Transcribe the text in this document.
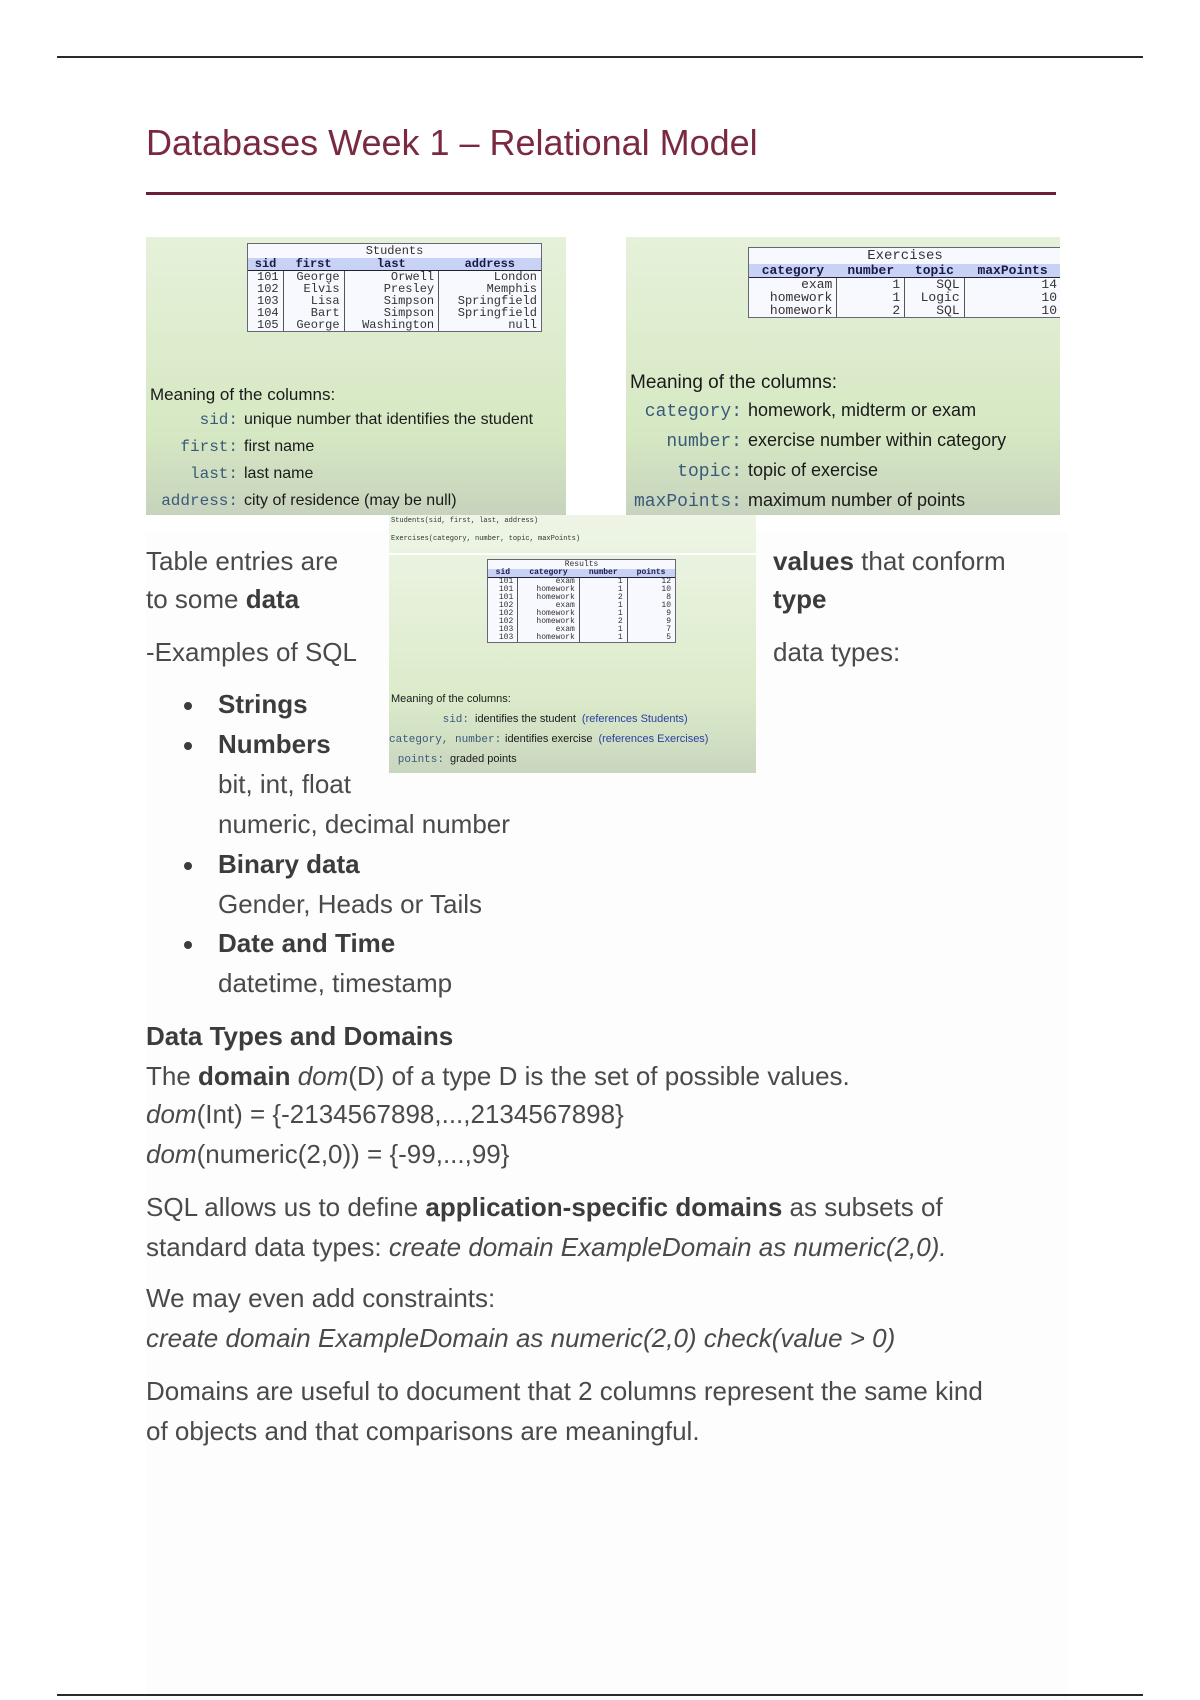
Databases Week 1 – Relational Model
Students
sid	first	last	address
101	George	Orwell	London
102	Elvis	Presley	Memphis
103	Lisa	Simpson	Springfield
104	Bart	Simpson	Springfield
105	George	Washington	null
Meaning of the columns:
sid: unique number that identifies the student
first: first name
last: last name
address: city of residence (may be null)
Exercises
category	number	topic	maxPoints
exam	1	SQL	14
homework	1	Logic	10
homework	2	SQL	10
Meaning of the columns:
category: homework, midterm or exam
number: exercise number within category
topic: topic of exercise
maxPoints: maximum number of points
Students(sid, first, last, address)
Exercises(category, number, topic, maxPoints)
Results
sid	category	number	points
101	exam	1	12
101	homework	1	10
101	homework	2	8
102	exam	1	10
102	homework	1	9
102	homework	2	9
103	exam	1	7
103	homework	1	5
Meaning of the columns:
sid: identifies the student (references Students)
category, number: identifies exercise (references Exercises)
points: graded points
Table entries are	values that conform
to some data	type
-Examples of SQL	data types:
Strings
Numbers
bit, int, float
numeric, decimal number
Binary data
Gender, Heads or Tails
Date and Time
datetime, timestamp
Data Types and Domains
The domain dom(D) of a type D is the set of possible values.
dom(Int) = {-2134567898,...,2134567898}
dom(numeric(2,0)) = {-99,...,99}
SQL allows us to define application-specific domains as subsets of
standard data types: create domain ExampleDomain as numeric(2,0).
We may even add constraints:
create domain ExampleDomain as numeric(2,0) check(value > 0)
Domains are useful to document that 2 columns represent the same kind
of objects and that comparisons are meaningful.
